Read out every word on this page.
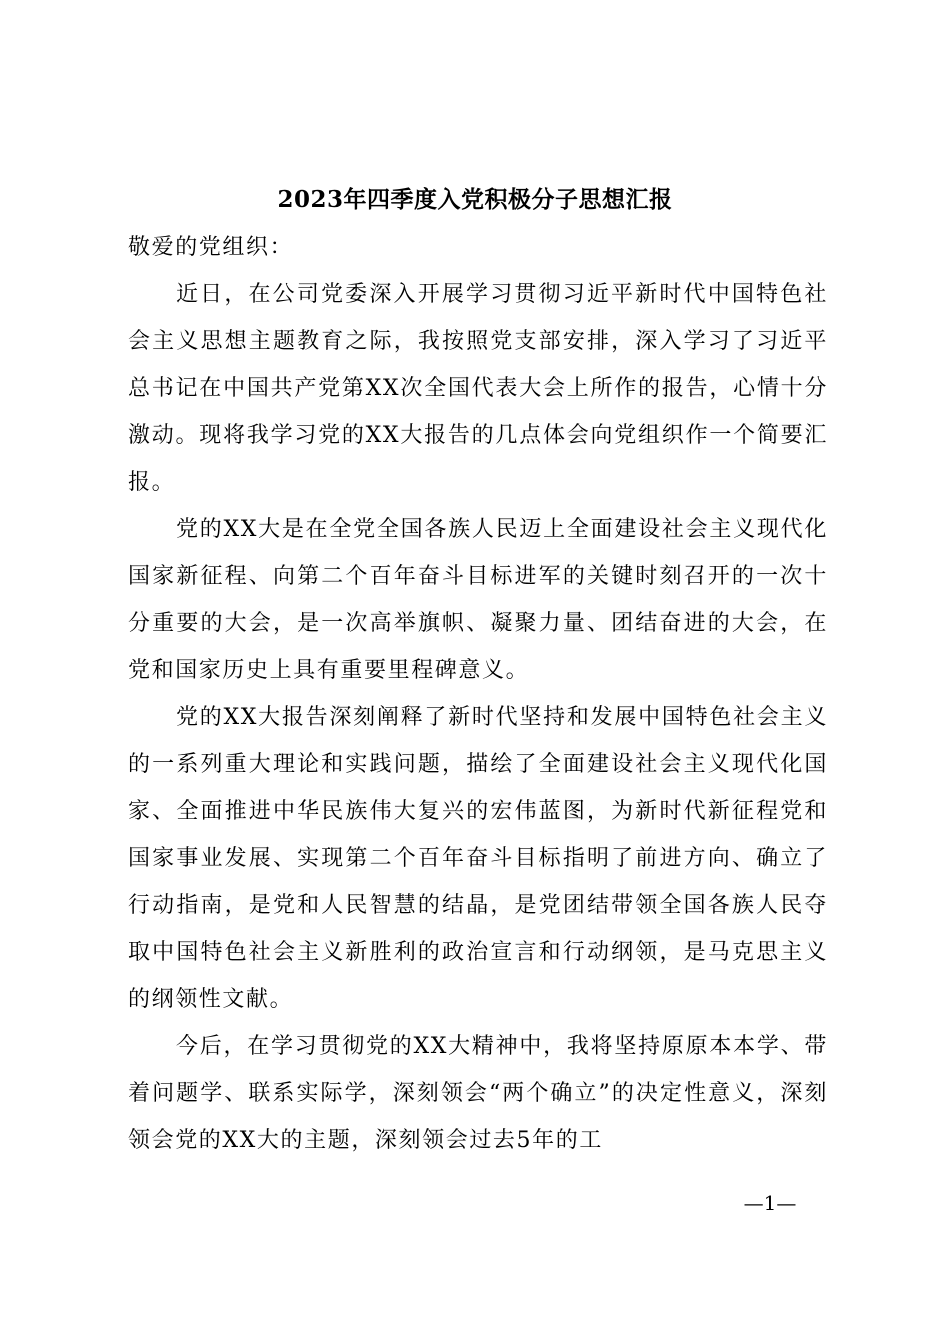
2023年四季度入党积极分子思想汇报

敬爱的党组织：

近日，在公司党委深入开展学习贯彻习近平新时代中国特色社会主义思想主题教育之际，我按照党支部安排，深入学习了习近平总书记在中国共产党第XX次全国代表大会上所作的报告，心情十分激动。现将我学习党的XX大报告的几点体会向党组织作一个简要汇报。

党的XX大是在全党全国各族人民迈上全面建设社会主义现代化国家新征程、向第二个百年奋斗目标进军的关键时刻召开的一次十分重要的大会，是一次高举旗帜、凝聚力量、团结奋进的大会，在党和国家历史上具有重要里程碑意义。

党的XX大报告深刻阐释了新时代坚持和发展中国特色社会主义的一系列重大理论和实践问题，描绘了全面建设社会主义现代化国家、全面推进中华民族伟大复兴的宏伟蓝图，为新时代新征程党和国家事业发展、实现第二个百年奋斗目标指明了前进方向、确立了行动指南，是党和人民智慧的结晶，是党团结带领全国各族人民夺取中国特色社会主义新胜利的政治宣言和行动纲领，是马克思主义的纲领性文献。

今后，在学习贯彻党的XX大精神中，我将坚持原原本本学、带着问题学、联系实际学，深刻领会“两个确立”的决定性意义，深刻领会党的XX大的主题，深刻领会过去5年的工

—1—
